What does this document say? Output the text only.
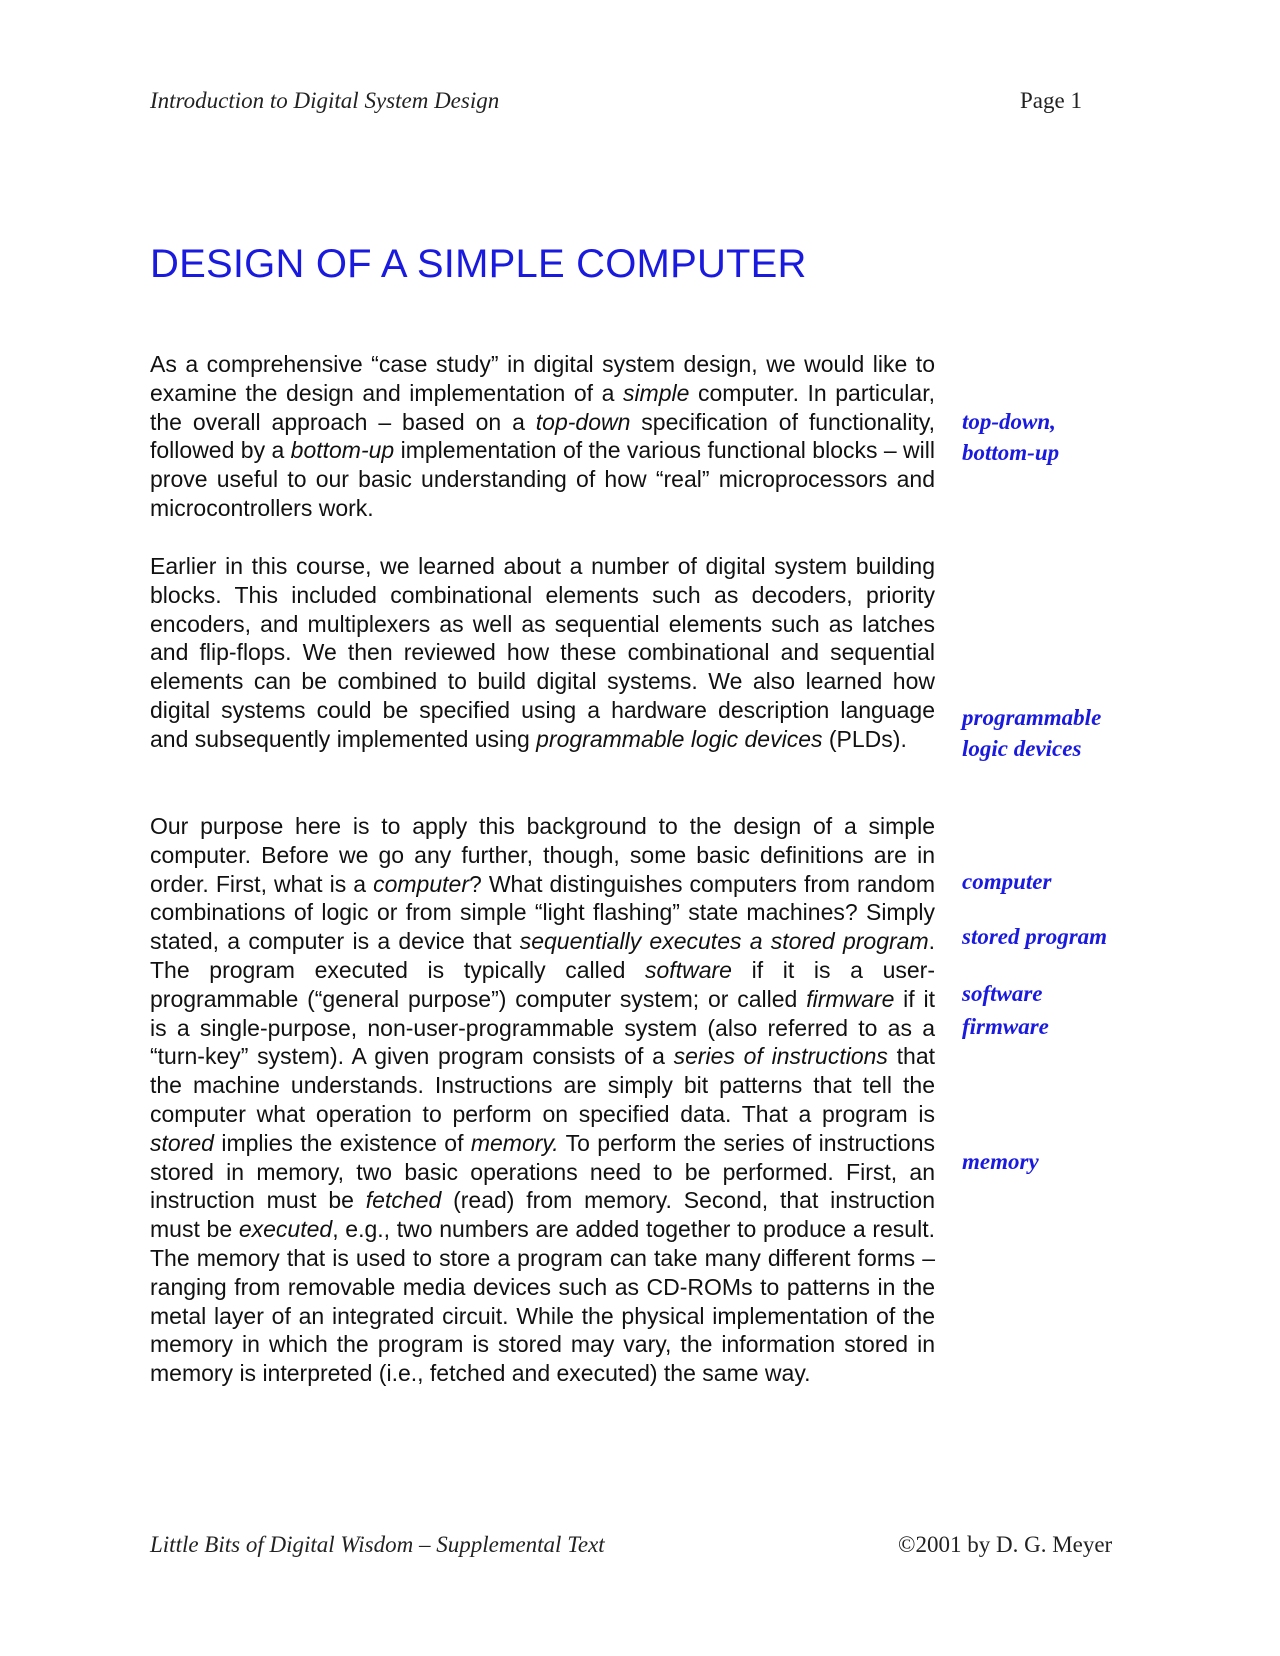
Introduction to Digital System Design	Page 1
DESIGN OF A SIMPLE COMPUTER

As a comprehensive “case study” in digital system design, we would like to examine the design and implementation of a simple computer. In particular, the overall approach – based on a top-down specification of functionality, followed by a bottom-up implementation of the various functional blocks – will prove useful to our basic understanding of how “real” microprocessors and microcontrollers work.

Earlier in this course, we learned about a number of digital system building blocks. This included combinational elements such as decoders, priority encoders, and multiplexers as well as sequential elements such as latches and flip-flops. We then reviewed how these combinational and sequential elements can be combined to build digital systems. We also learned how digital systems could be specified using a hardware description language and subsequently implemented using programmable logic devices (PLDs).

Our purpose here is to apply this background to the design of a simple computer. Before we go any further, though, some basic definitions are in order. First, what is a computer? What distinguishes computers from random combinations of logic or from simple “light flashing” state machines? Simply stated, a computer is a device that sequentially executes a stored program. The program executed is typically called software if it is a user-programmable (“general purpose”) computer system; or called firmware if it is a single-purpose, non-user-programmable system (also referred to as a “turn-key” system). A given program consists of a series of instructions that the machine understands. Instructions are simply bit patterns that tell the computer what operation to perform on specified data. That a program is stored implies the existence of memory. To perform the series of instructions stored in memory, two basic operations need to be performed. First, an instruction must be fetched (read) from memory. Second, that instruction must be executed, e.g., two numbers are added together to produce a result. The memory that is used to store a program can take many different forms – ranging from removable media devices such as CD-ROMs to patterns in the metal layer of an integrated circuit. While the physical implementation of the memory in which the program is stored may vary, the information stored in memory is interpreted (i.e., fetched and executed) the same way.

top-down,
bottom-up
programmable
logic devices
computer
stored program
software
firmware
memory
Little Bits of Digital Wisdom – Supplemental Text	©2001 by D. G. Meyer
